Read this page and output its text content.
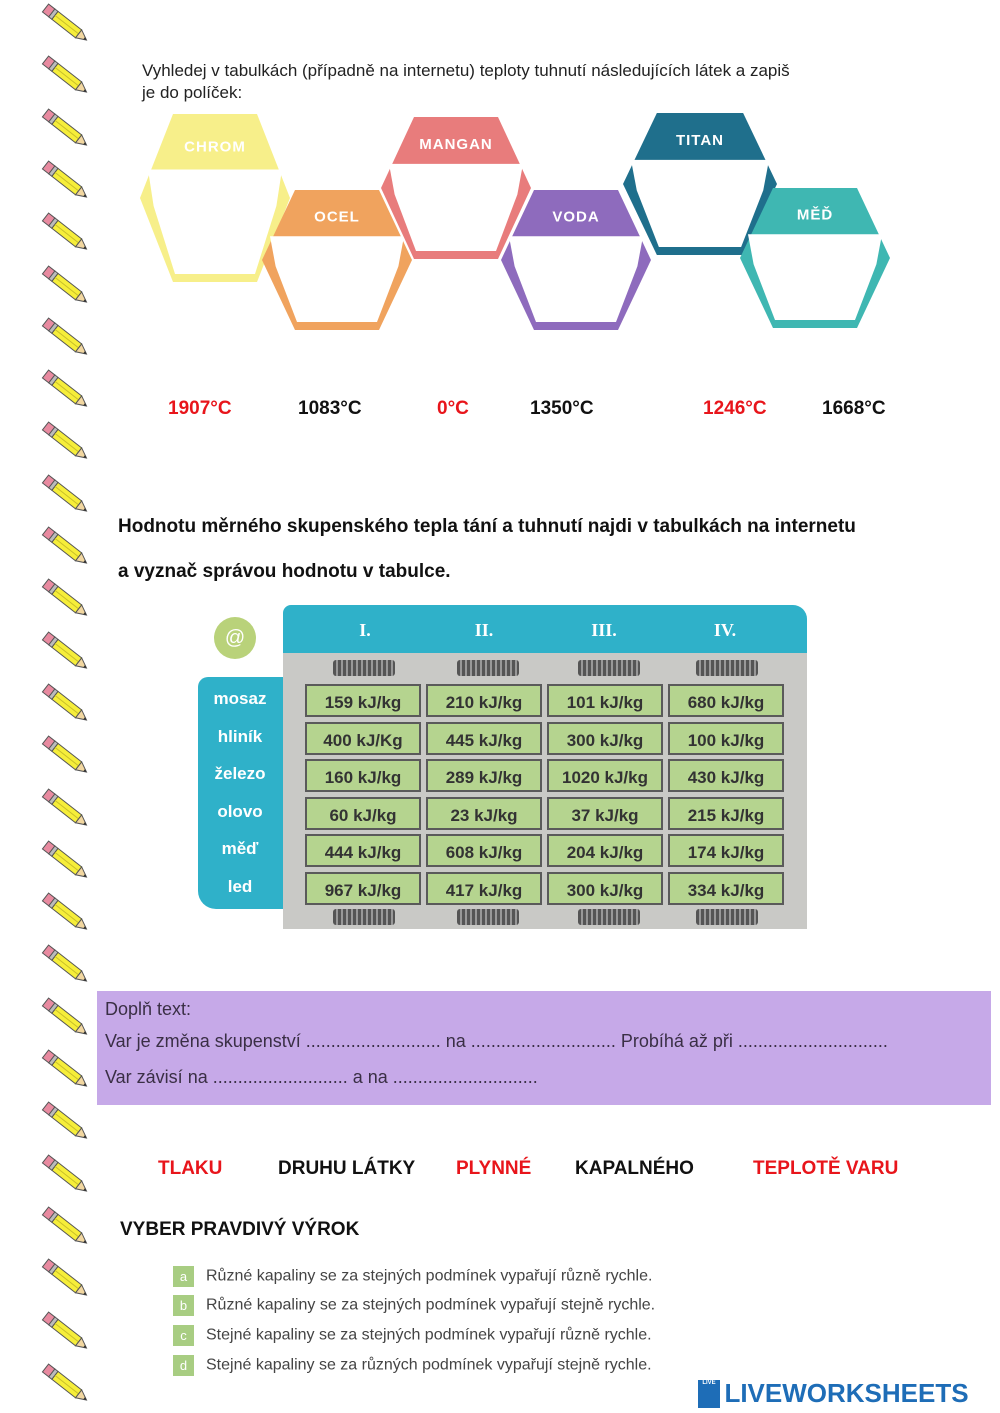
Vyhledej v tabulkách (případně na internetu) teploty tuhnutí následujících látek a zapiš
je do políček:
CHROM
OCEL
MANGAN
VODA
TITAN
MĚĎ
1907°C	1083°C	0°C	1350°C	1246°C	1668°C
Hodnotu měrného skupenského tepla tání a tuhnutí najdi v tabulkách na internetu
a vyznač správou hodnotu v tabulce.
@	I.	II.	III.	IV.
mosaz	159 kJ/kg	210 kJ/kg	101 kJ/kg	680 kJ/kg
hliník	400 kJ/Kg	445 kJ/kg	300 kJ/kg	100 kJ/kg
železo	160 kJ/kg	289 kJ/kg	1020 kJ/kg	430 kJ/kg
olovo	60 kJ/kg	23 kJ/kg	37 kJ/kg	215 kJ/kg
měď	444 kJ/kg	608 kJ/kg	204 kJ/kg	174 kJ/kg
led	967 kJ/kg	417 kJ/kg	300 kJ/kg	334 kJ/kg
Doplň text:
Var je změna skupenství ........................... na ............................. Probíhá až při ..............................
Var závisí na ........................... a na .............................
TLAKU	DRUHU LÁTKY PLYNNÉ KAPALNÉHO	TEPLOTĚ VARU
VYBER PRAVDIVÝ VÝROK
a Různé kapaliny se za stejných podmínek vypařují různě rychle.
b Různé kapaliny se za stejných podmínek vypařují stejně rychle.
c Stejné kapaliny se za stejných podmínek vypařují různě rychle.
d Stejné kapaliny se za různých podmínek vypařují stejně rychle.
LIVE LIVEWORKSHEETS
